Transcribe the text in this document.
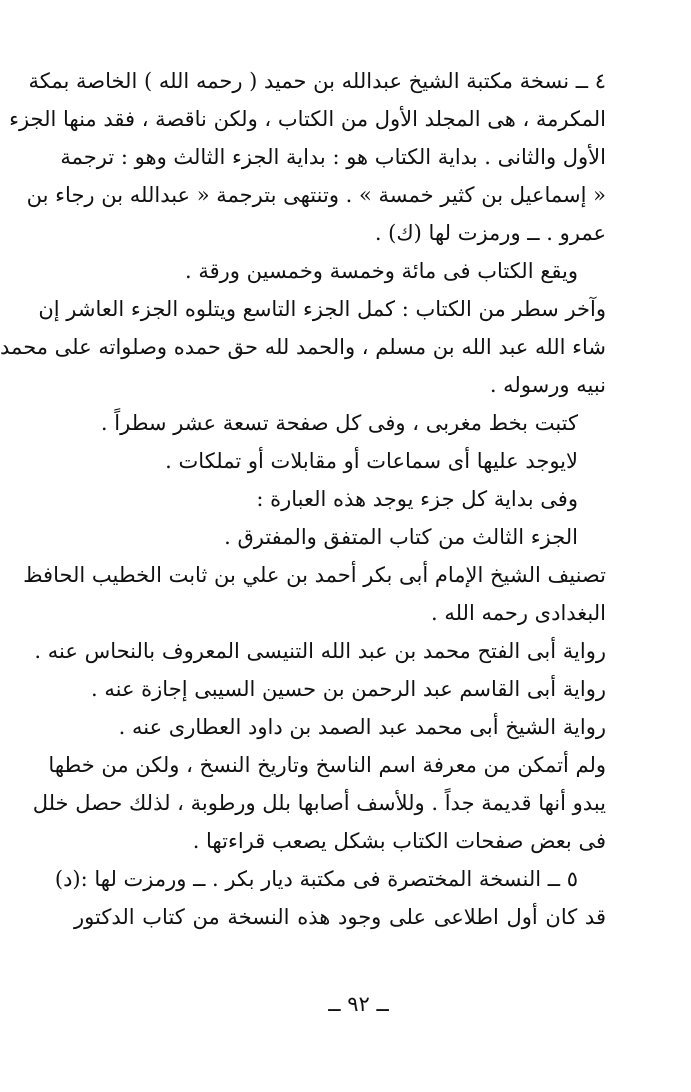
٤ ــ نسخة مكتبة الشيخ عبدالله بن حميد ( رحمه الله ) الخاصة بمكة

المكرمة ، هى المجلد الأول من الكتاب ، ولكن ناقصة ، فقد منها الجزء

الأول والثانى . بداية الكتاب هو : بداية الجزء الثالث وهو : ترجمة

« إسماعيل بن كثير خمسة » . وتنتهى بترجمة « عبدالله بن رجاء بن

عمرو . ــ ورمزت لها (ك) .

ويقع الكتاب فى مائة وخمسة وخمسين ورقة .

وآخر سطر من الكتاب : كمل الجزء التاسع ويتلوه الجزء العاشر إن

شاء الله عبد الله بن مسلم ، والحمد لله حق حمده وصلواته على محمد

نبيه ورسوله .

كتبت بخط مغربى ، وفى كل صفحة تسعة عشر سطراً .

لايوجد عليها أى سماعات أو مقابلات أو تملكات .

وفى بداية كل جزء يوجد هذه العبارة :

الجزء الثالث من كتاب المتفق والمفترق .

تصنيف الشيخ الإمام أبى بكر أحمد بن علي بن ثابت الخطيب الحافظ

البغدادى رحمه الله .

رواية أبى الفتح محمد بن عبد الله التنيسى المعروف بالنحاس عنه .

رواية أبى القاسم عبد الرحمن بن حسين السيبى إجازة عنه .

رواية الشيخ أبى محمد عبد الصمد بن داود العطارى عنه .

ولم أتمكن من معرفة اسم الناسخ وتاريخ النسخ ، ولكن من خطها

يبدو أنها قديمة جداً . وللأسف أصابها بلل ورطوبة ، لذلك حصل خلل

فى بعض صفحات الكتاب بشكل يصعب قراءتها .

٥ ــ النسخة المختصرة فى مكتبة ديار بكر . ــ ورمزت لها :(د)

قد كان أول اطلاعى على وجود هذه النسخة من كتاب الدكتور

ــ ٩٢ ــ
